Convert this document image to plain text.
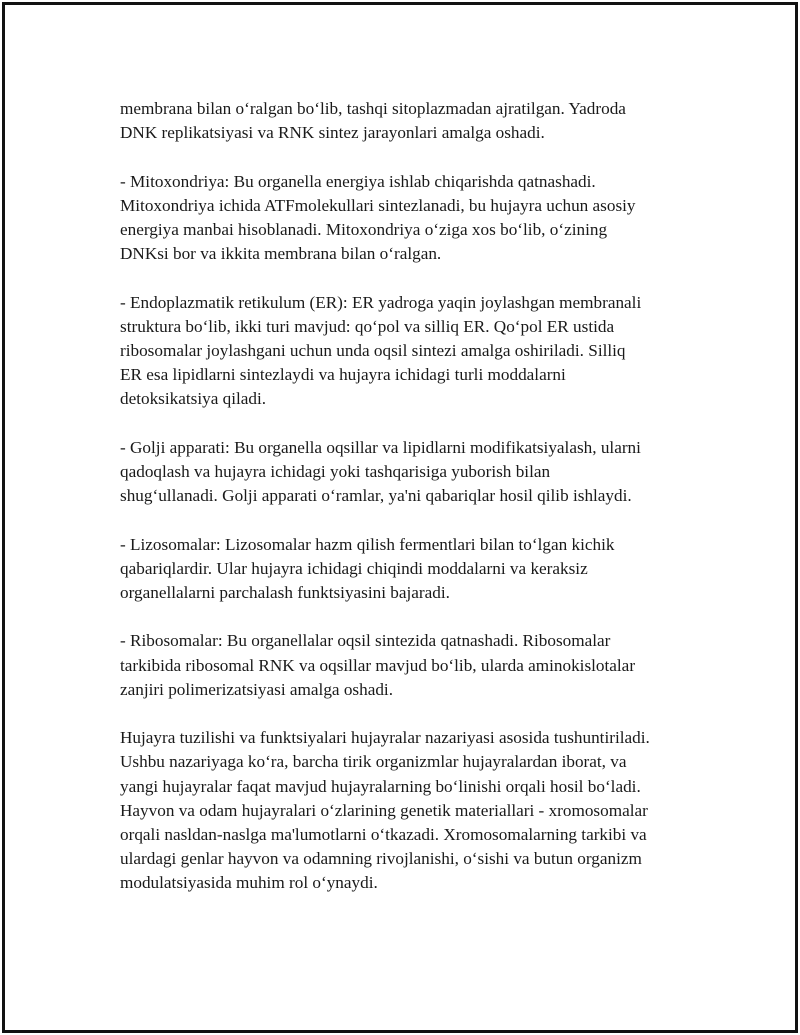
membrana bilan o‘ralgan bo‘lib, tashqi sitoplazmadan ajratilgan. Yadroda
DNK replikatsiyasi va RNK sintez jarayonlari amalga oshadi.

- Mitoxondriya: Bu organella energiya ishlab chiqarishda qatnashadi.
Mitoxondriya ichida ATFmolekullari sintezlanadi, bu hujayra uchun asosiy
energiya manbai hisoblanadi. Mitoxondriya o‘ziga xos bo‘lib, o‘zining
DNKsi bor va ikkita membrana bilan o‘ralgan.

- Endoplazmatik retikulum (ER): ER yadroga yaqin joylashgan membranali
struktura bo‘lib, ikki turi mavjud: qo‘pol va silliq ER. Qo‘pol ER ustida
ribosomalar joylashgani uchun unda oqsil sintezi amalga oshiriladi. Silliq
ER esa lipidlarni sintezlaydi va hujayra ichidagi turli moddalarni
detoksikatsiya qiladi.

- Golji apparati: Bu organella oqsillar va lipidlarni modifikatsiyalash, ularni
qadoqlash va hujayra ichidagi yoki tashqarisiga yuborish bilan
shug‘ullanadi. Golji apparati o‘ramlar, ya'ni qabariqlar hosil qilib ishlaydi.

- Lizosomalar: Lizosomalar hazm qilish fermentlari bilan to‘lgan kichik
qabariqlardir. Ular hujayra ichidagi chiqindi moddalarni va keraksiz
organellalarni parchalash funktsiyasini bajaradi.

- Ribosomalar: Bu organellalar oqsil sintezida qatnashadi. Ribosomalar
tarkibida ribosomal RNK va oqsillar mavjud bo‘lib, ularda aminokislotalar
zanjiri polimerizatsiyasi amalga oshadi.

Hujayra tuzilishi va funktsiyalari hujayralar nazariyasi asosida tushuntiriladi.
Ushbu nazariyaga ko‘ra, barcha tirik organizmlar hujayralardan iborat, va
yangi hujayralar faqat mavjud hujayralarning bo‘linishi orqali hosil bo‘ladi.
Hayvon va odam hujayralari o‘zlarining genetik materiallari - xromosomalar
orqali nasldan-naslga ma'lumotlarni o‘tkazadi. Xromosomalarning tarkibi va
ulardagi genlar hayvon va odamning rivojlanishi, o‘sishi va butun organizm
modulatsiyasida muhim rol o‘ynaydi.
